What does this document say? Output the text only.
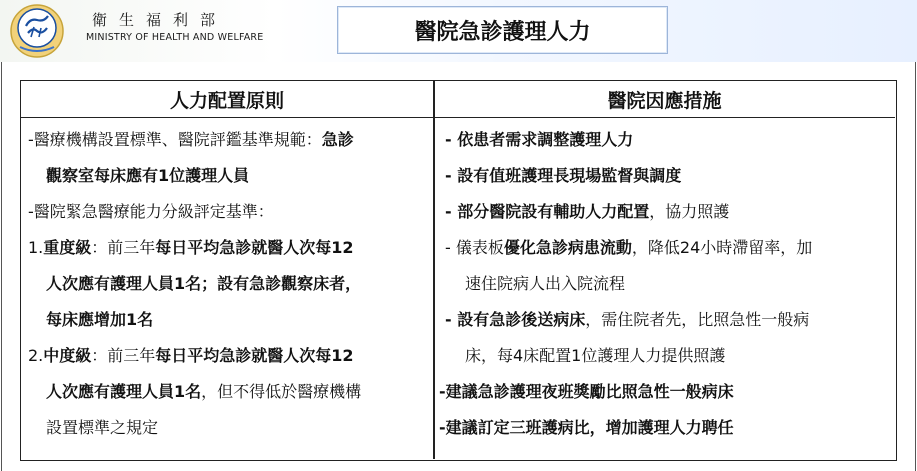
衛生福利部
MINISTRY OF HEALTH AND WELFARE	醫院急診護理人力
人力配置原則	醫院因應措施
-醫療機構設置標準、醫院評鑑基準規範：急診
觀察室每床應有1位護理人員
-醫院緊急醫療能力分級評定基準：
1.重度級：前三年每日平均急診就醫人次每12
人次應有護理人員1名；設有急診觀察床者，
每床應增加1名
2.中度級：前三年每日平均急診就醫人次每12
人次應有護理人員1名，但不得低於醫療機構
設置標準之規定
- 依患者需求調整護理人力
- 設有值班護理長現場監督與調度
- 部分醫院設有輔助人力配置，協力照護
- 儀表板優化急診病患流動，降低24小時滯留率，加
速住院病人出入院流程
- 設有急診後送病床，需住院者先，比照急性一般病
床，每4床配置1位護理人力提供照護
-建議急診護理夜班獎勵比照急性一般病床
-建議訂定三班護病比，增加護理人力聘任
